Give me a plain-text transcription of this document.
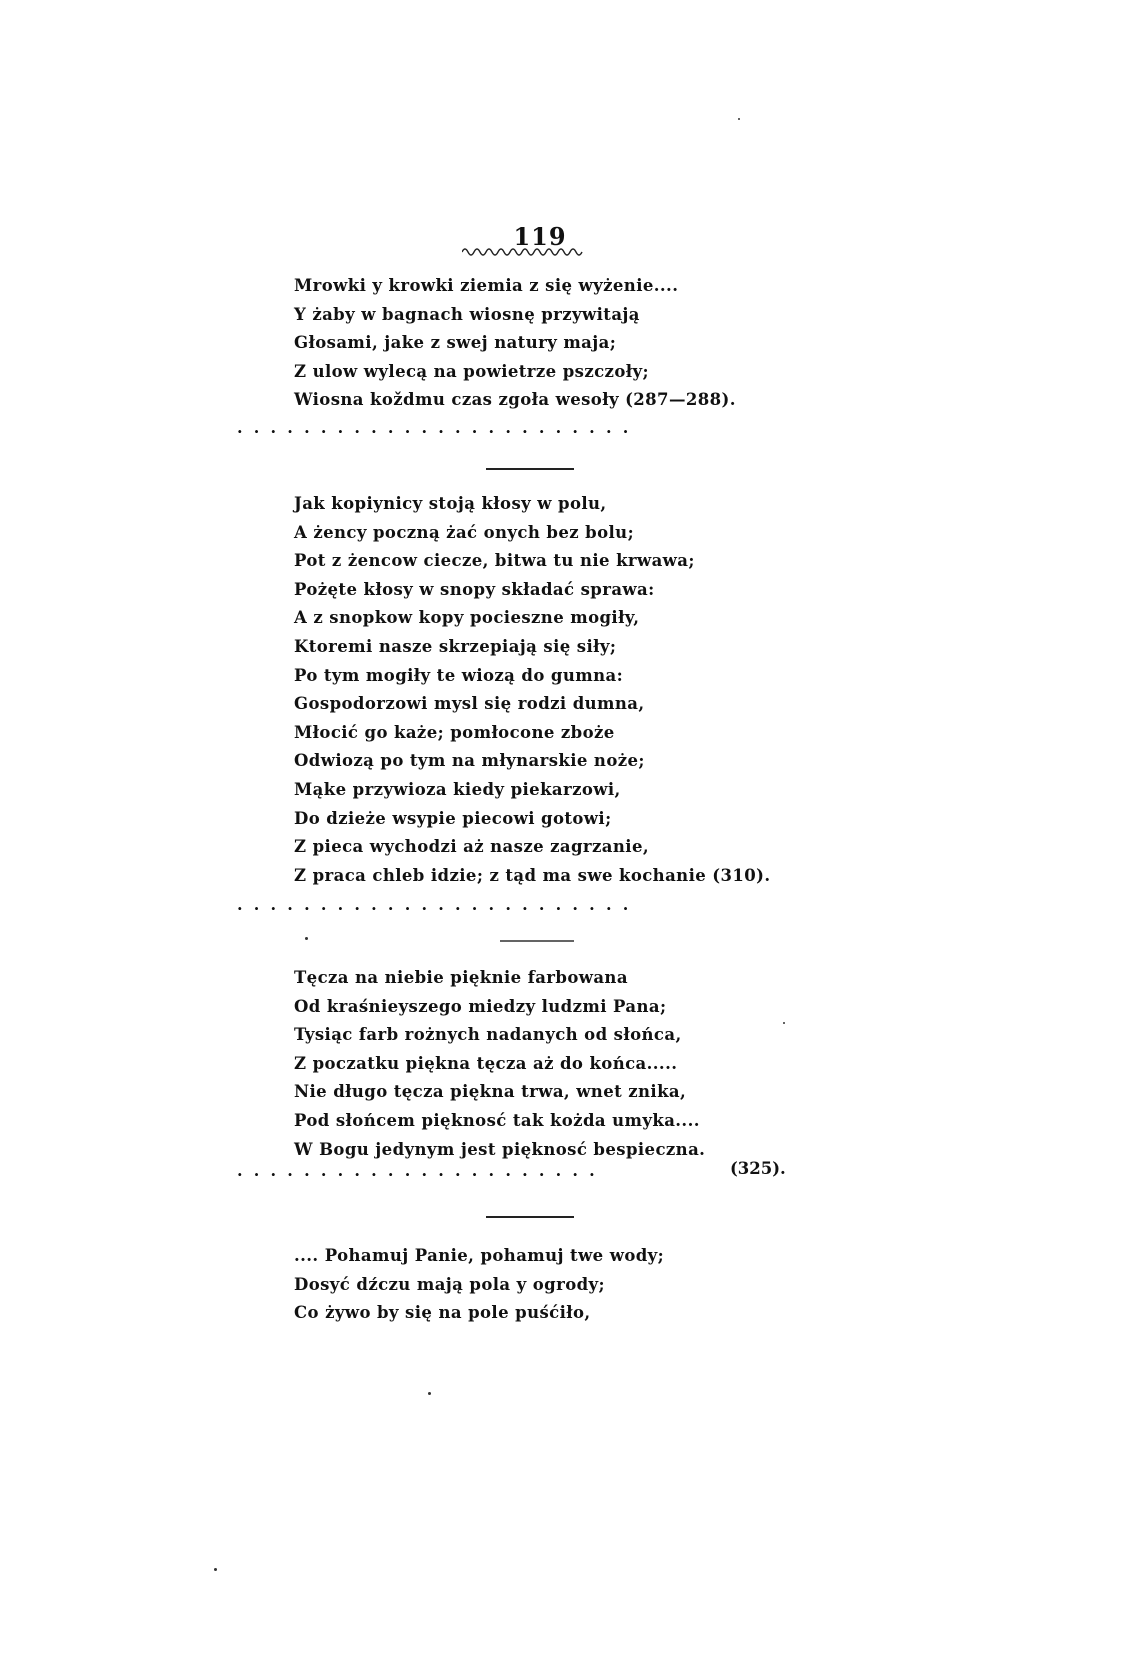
119
Mrowki y krowki ziemia z się wyżenie....
Y żaby w bagnach wiosnę przywitają
Głosami, jake z swej natury maja;
Z ulow wylecą na powietrze pszczoły;
Wiosna koždmu czas zgoła wesoły (287—288).
........................
Jak kopiynicy stoją kłosy w polu,
A żency poczną żać onych bez bolu;
Pot z żencow ciecze, bitwa tu nie krwawa;
Pożęte kłosy w snopy składać sprawa:
A z snopkow kopy pocieszne mogiły,
Ktoremi nasze skrzepiają się siły;
Po tym mogiły te wiozą do gumna:
Gospodorzowi mysl się rodzi dumna,
Młocić go każe; pomłocone zboże
Odwiozą po tym na młynarskie noże;
Mąke przywioza kiedy piekarzowi,
Do dzieże wsypie piecowi gotowi;
Z pieca wychodzi aż nasze zagrzanie,
Z praca chleb idzie; z tąd ma swe kochanie (310).
........................
Tęcza na niebie pięknie farbowana
Od kraśnieyszego miedzy ludzmi Pana;
Tysiąc farb rożnych nadanych od słońca,
Z poczatku piękna tęcza aż do końca.....
Nie długo tęcza piękna trwa, wnet znika,
Pod słońcem pięknosć tak kożda umyka....
W Bogu jedynym jest pięknosć bespieczna.
......................	(325).
.... Pohamuj Panie, pohamuj twe wody;
Dosyć dźczu mają pola y ogrody;
Co żywo by się na pole puśćiło,
